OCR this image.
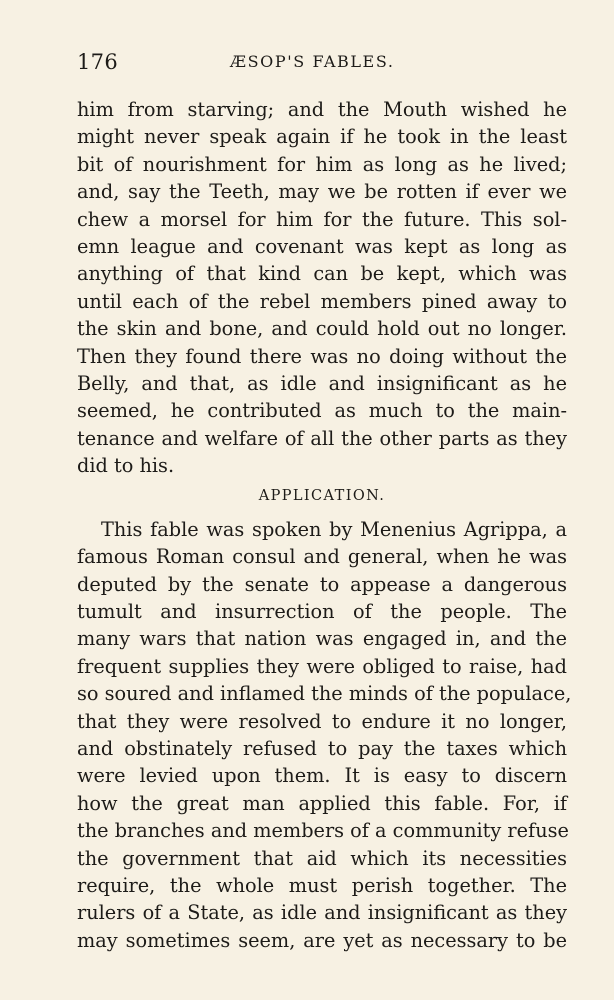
176	ÆSOP'S FABLES.
him from starving; and the Mouth wished he
might never speak again if he took in the least
bit of nourishment for him as long as he lived;
and, say the Teeth, may we be rotten if ever we
chew a morsel for him for the future. This sol-
emn league and covenant was kept as long as
anything of that kind can be kept, which was
until each of the rebel members pined away to
the skin and bone, and could hold out no longer.
Then they found there was no doing without the
Belly, and that, as idle and insignificant as he
seemed, he contributed as much to the main-
tenance and welfare of all the other parts as they
did to his.
APPLICATION.
This fable was spoken by Menenius Agrippa, a
famous Roman consul and general, when he was
deputed by the senate to appease a dangerous
tumult and insurrection of the people. The
many wars that nation was engaged in, and the
frequent supplies they were obliged to raise, had
so soured and inflamed the minds of the populace,
that they were resolved to endure it no longer,
and obstinately refused to pay the taxes which
were levied upon them. It is easy to discern
how the great man applied this fable. For, if
the branches and members of a community refuse
the government that aid which its necessities
require, the whole must perish together. The
rulers of a State, as idle and insignificant as they
may sometimes seem, are yet as necessary to be
